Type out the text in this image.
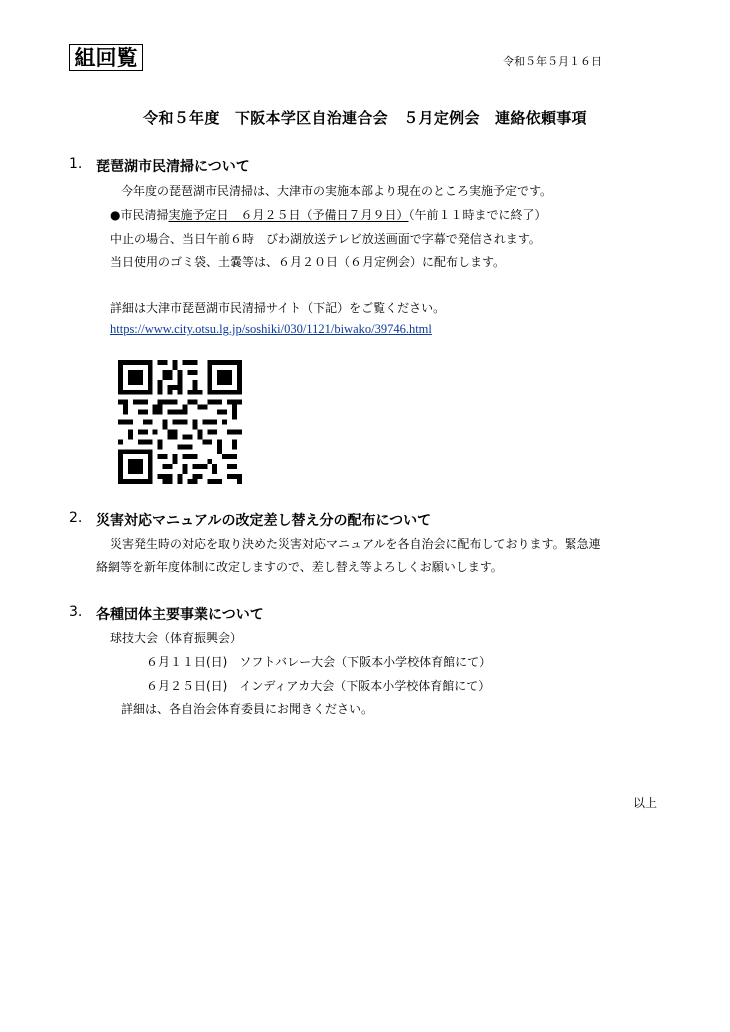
組回覧	令和５年５月１６日
令和５年度　下阪本学区自治連合会　５月定例会　連絡依頼事項
1. 琵琶湖市民清掃について
今年度の琵琶湖市民清掃は、大津市の実施本部より現在のところ実施予定です。
●市民清掃実施予定日　６月２５日（予備日７月９日）（午前１１時までに終了）
中止の場合、当日午前６時　びわ湖放送テレビ放送画面で字幕で発信されます。
当日使用のゴミ袋、土嚢等は、６月２０日（６月定例会）に配布します。
詳細は大津市琵琶湖市民清掃サイト（下記）をご覧ください。
https://www.city.otsu.lg.jp/soshiki/030/1121/biwako/39746.html
2. 災害対応マニュアルの改定差し替え分の配布について
災害発生時の対応を取り決めた災害対応マニュアルを各自治会に配布しております。緊急連
絡網等を新年度体制に改定しますので、差し替え等よろしくお願いします。
3. 各種団体主要事業について
球技大会（体育振興会）
６月１１日(日)　ソフトバレー大会（下阪本小学校体育館にて）
６月２５日(日)　インディアカ大会（下阪本小学校体育館にて）
詳細は、各自治会体育委員にお聞きください。
以上
